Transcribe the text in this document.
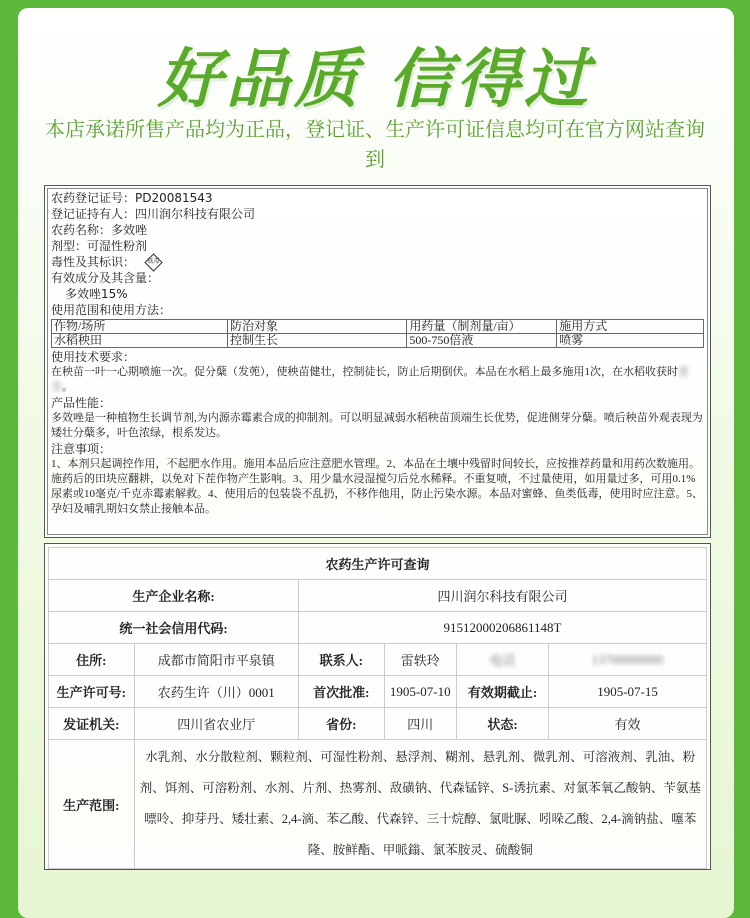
好品质 信得过
本店承诺所售产品均为正品，登记证、生产许可证信息均可在官方网站查询到
农药登记证号：PD20081543
登记证持有人：四川润尔科技有限公司
农药名称：多效唑
剂型：可湿性粉剂
毒性及其标识： 低毒
有效成分及其含量：
多效唑15%
使用范围和使用方法：
作物/场所	防治对象	用药量（制剂量/亩）	施用方式
水稻秧田	控制生长	500-750倍液	喷雾
使用技术要求：
在秧苗一叶一心期喷施一次。促分蘖（发蔸），使秧苗健壮，控制徒长，防止后期倒伏。本品在水稻上最多施用1次，在水稻收获时安全。
产品性能：
多效唑是一种植物生长调节剂,为内源赤霉素合成的抑制剂。可以明显减弱水稻秧苗顶端生长优势，促进侧芽分蘖。喷后秧苗外观表现为矮壮分蘖多，叶色浓绿，根系发达。
注意事项：
1、本剂只起调控作用，不起肥水作用。施用本品后应注意肥水管理。2、本品在土壤中残留时间较长，应按推荐药量和用药次数施用。施药后的田块应翻耕，以免对下茬作物产生影响。3、用少量水浸湿搅匀后兑水稀释。不重复喷，不过量使用，如用量过多，可用0.1%尿素或10毫克/千克赤霉素解救。4、使用后的包装袋不乱扔，不移作他用，防止污染水源。本品对蜜蜂、鱼类低毒，使用时应注意。5、孕妇及哺乳期妇女禁止接触本品。
农药生产许可查询					
生产企业名称:		四川润尔科技有限公司			
统一社会信用代码:		91512000206861148T			
住所:	成都市简阳市平泉镇	联系人:	雷轶玲	电话	13700000000
生产许可号:	农药生许（川）0001	首次批准:	1905-07-10	有效期截止:	1905-07-15
发证机关:	四川省农业厅	省份:	四川	状态:	有效
生产范围:	水乳剂、水分散粒剂、颗粒剂、可湿性粉剂、悬浮剂、糊剂、悬乳剂、微乳剂、可溶液剂、乳油、粉剂、饵剂、可溶粉剂、水剂、片剂、热雾剂、敌磺钠、代森锰锌、S-诱抗素、对氯苯氧乙酸钠、苄氨基嘌呤、抑芽丹、矮壮素、2,4-滴、苯乙酸、代森锌、三十烷醇、氯吡脲、吲哚乙酸、2,4-滴钠盐、噻苯隆、胺鲜酯、甲哌鎓、氯苯胺灵、硫酸铜				
